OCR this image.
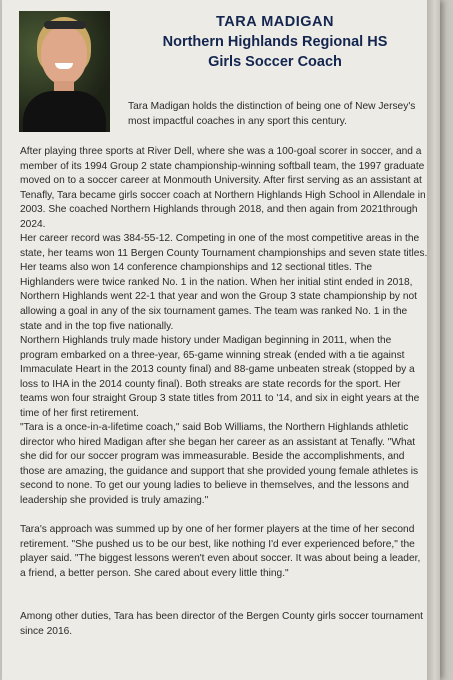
TARA MADIGAN
Northern Highlands Regional HS
Girls Soccer Coach

Tara Madigan holds the distinction of being one of New Jersey's most impactful coaches in any sport this century.

After playing three sports at River Dell, where she was a 100-goal scorer in soccer, and a member of its 1994 Group 2 state championship-winning softball team, the 1997 graduate moved on to a soccer career at Monmouth University. After first serving as an assistant at Tenafly, Tara became girls soccer coach at Northern Highlands High School in Allendale in 2003. She coached Northern Highlands through 2018, and then again from 2021through 2024.

Her career record was 384-55-12. Competing in one of the most competitive areas in the state, her teams won 11 Bergen County Tournament championships and seven state titles. Her teams also won 14 conference championships and 12 sectional titles. The Highlanders were twice ranked No. 1 in the nation. When her initial stint ended in 2018, Northern Highlands went 22-1 that year and won the Group 3 state championship by not allowing a goal in any of the six tournament games. The team was ranked No. 1 in the state and in the top five nationally.

Northern Highlands truly made history under Madigan beginning in 2011, when the program embarked on a three-year, 65-game winning streak (ended with a tie against Immaculate Heart in the 2013 county final) and 88-game unbeaten streak (stopped by a loss to IHA in the 2014 county final). Both streaks are state records for the sport. Her teams won four straight Group 3 state titles from 2011 to '14, and six in eight years at the time of her first retirement.

"Tara is a once-in-a-lifetime coach," said Bob Williams, the Northern Highlands athletic director who hired Madigan after she began her career as an assistant at Tenafly. "What she did for our soccer program was immeasurable. Beside the accomplishments, and those are amazing, the guidance and support that she provided young female athletes is second to none. To get our young ladies to believe in themselves, and the lessons and leadership she provided is truly amazing."

Tara's approach was summed up by one of her former players at the time of her second retirement. "She pushed us to be our best, like nothing I'd ever experienced before," the player said. "The biggest lessons weren't even about soccer. It was about being a leader, a friend, a better person. She cared about every little thing."

Among other duties, Tara has been director of the Bergen County girls soccer tournament since 2016.
